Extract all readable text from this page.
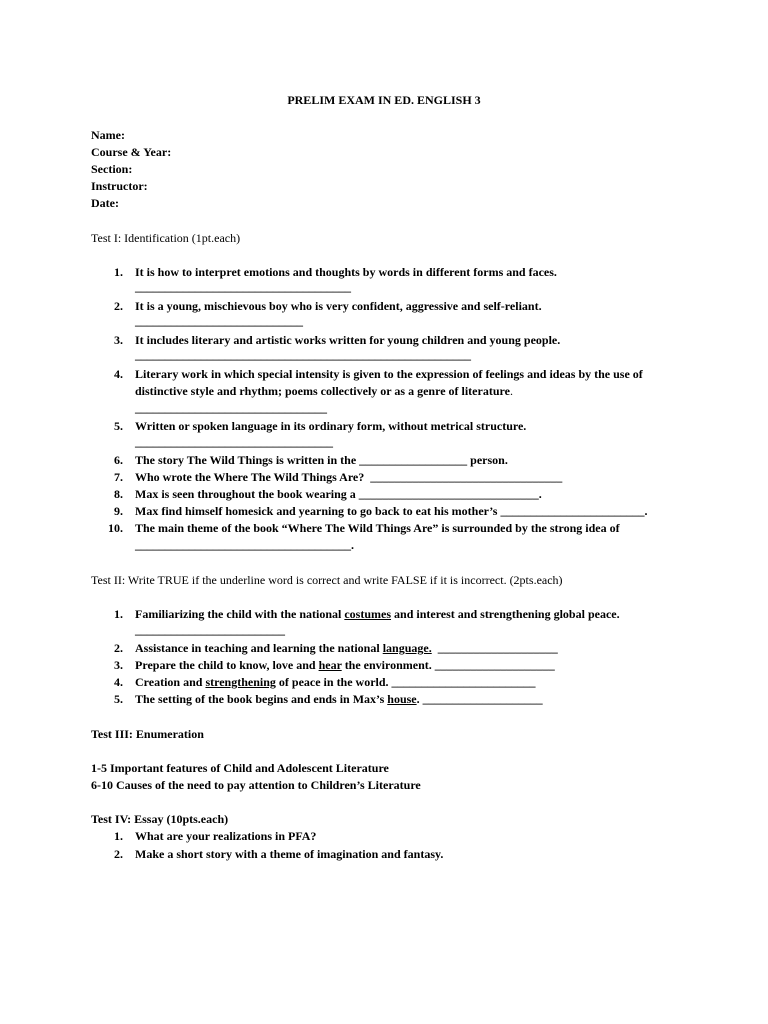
PRELIM EXAM IN ED. ENGLISH 3
Name:
Course & Year:
Section:
Instructor:
Date:
Test I: Identification (1pt.each)
1. It is how to interpret emotions and thoughts by words in different forms and faces.
____________________________________
2. It is a young, mischievous boy who is very confident, aggressive and self-reliant.
____________________________
3. It includes literary and artistic works written for young children and young people.
________________________________________________________
4. Literary work in which special intensity is given to the expression of feelings and ideas by the use of
distinctive style and rhythm; poems collectively or as a genre of literature.
________________________________
5. Written or spoken language in its ordinary form, without metrical structure.
_________________________________
6. The story The Wild Things is written in the __________________ person.
7. Who wrote the Where The Wild Things Are?  ________________________________
8. Max is seen throughout the book wearing a ______________________________.
9. Max find himself homesick and yearning to go back to eat his mother’s ________________________.
10. The main theme of the book “Where The Wild Things Are” is surrounded by the strong idea of
____________________________________.
Test II: Write TRUE if the underline word is correct and write FALSE if it is incorrect. (2pts.each)
1. Familiarizing the child with the national costumes and interest and strengthening global peace.
_________________________
2. Assistance in teaching and learning the national language.  ____________________
3. Prepare the child to know, love and hear the environment. ____________________
4. Creation and strengthening of peace in the world. ________________________
5. The setting of the book begins and ends in Max’s house. ____________________
Test III: Enumeration
1-5 Important features of Child and Adolescent Literature
6-10 Causes of the need to pay attention to Children’s Literature
Test IV: Essay (10pts.each)
1. What are your realizations in PFA?
2. Make a short story with a theme of imagination and fantasy.
